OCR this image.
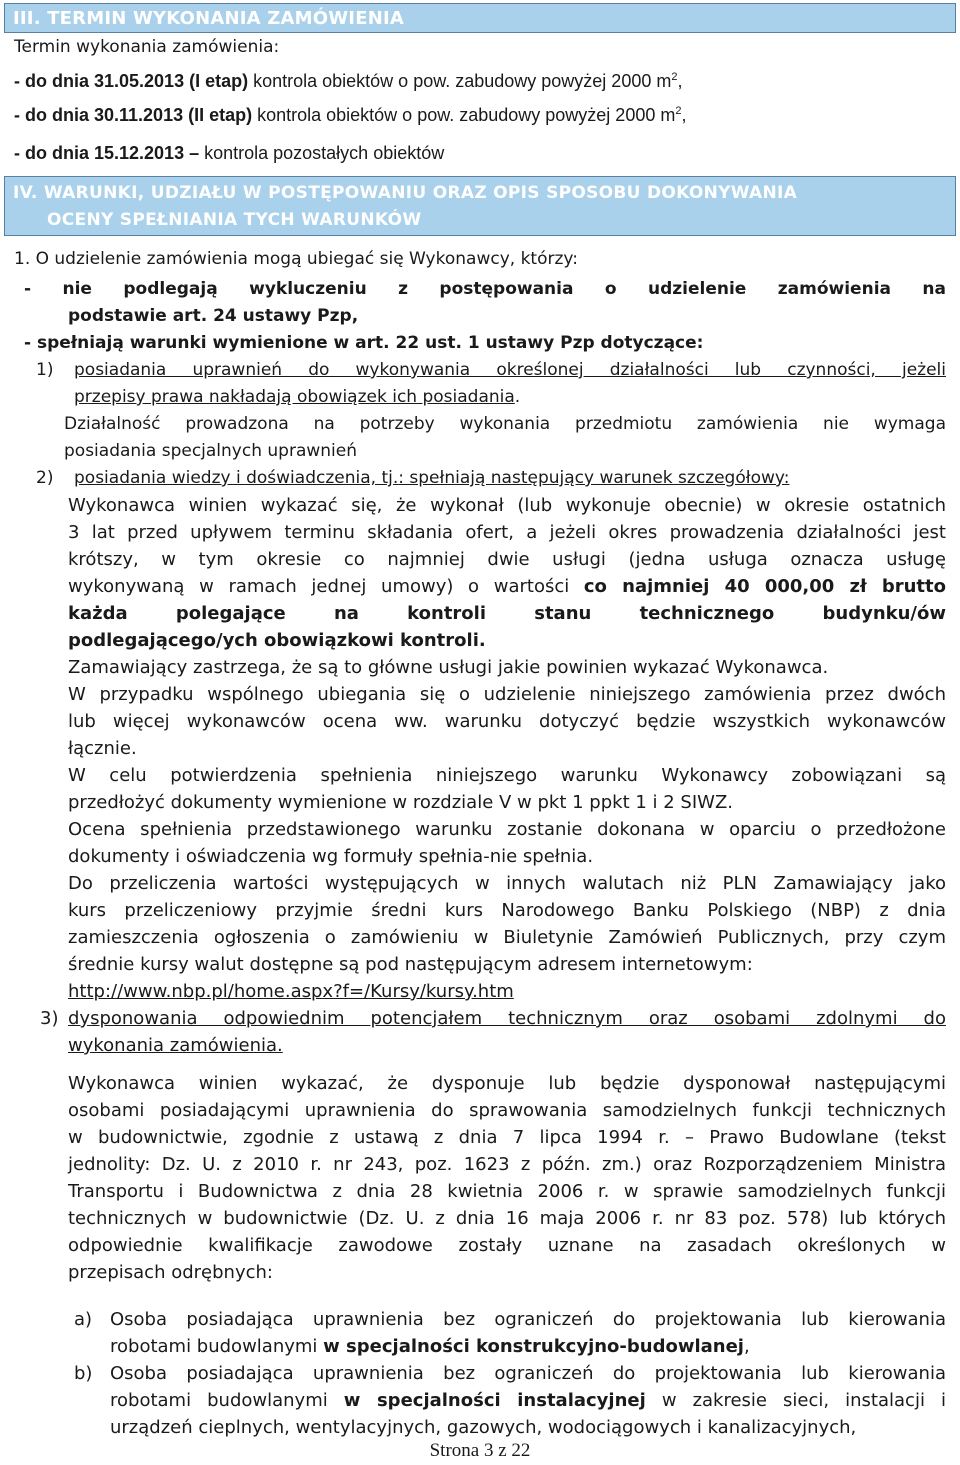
III. TERMIN WYKONANIA ZAMÓWIENIA
Termin wykonania zamówienia:
- do dnia 31.05.2013 (I etap) kontrola obiektów o pow. zabudowy powyżej 2000 $m^2$,
- do dnia 30.11.2013 (II etap) kontrola obiektów o pow. zabudowy powyżej 2000 $m^2$,
- do dnia 15.12.2013 – kontrola pozostałych obiektów
IV. WARUNKI, UDZIAŁU W POSTĘPOWANIU ORAZ OPIS SPOSOBU DOKONYWANIA
OCENY SPEŁNIANIA TYCH WARUNKÓW
1. O udzielenie zamówienia mogą ubiegać się Wykonawcy, którzy:
- nie podlegają wykluczeniu z postępowania o udzielenie zamówienia na
podstawie art. 24 ustawy Pzp,
- spełniają warunki wymienione w art. 22 ust. 1 ustawy Pzp dotyczące:
1) posiadania uprawnień do wykonywania określonej działalności lub czynności, jeżeli
przepisy prawa nakładają obowiązek ich posiadania.
Działalność prowadzona na potrzeby wykonania przedmiotu zamówienia nie wymaga
posiadania specjalnych uprawnień
2) posiadania wiedzy i doświadczenia, tj.: spełniają następujący warunek szczegółowy:
Wykonawca winien wykazać się, że wykonał (lub wykonuje obecnie) w okresie ostatnich
3 lat przed upływem terminu składania ofert, a jeżeli okres prowadzenia działalności jest
krótszy, w tym okresie co najmniej dwie usługi (jedna usługa oznacza usługę
wykonywaną w ramach jednej umowy) o wartości co najmniej 40 000,00 zł brutto
każda polegające na kontroli stanu technicznego budynku/ów
podlegającego/ych obowiązkowi kontroli.
Zamawiający zastrzega, że są to główne usługi jakie powinien wykazać Wykonawca.
W przypadku wspólnego ubiegania się o udzielenie niniejszego zamówienia przez dwóch
lub więcej wykonawców ocena ww. warunku dotyczyć będzie wszystkich wykonawców
łącznie.
W celu potwierdzenia spełnienia niniejszego warunku Wykonawcy zobowiązani są
przedłożyć dokumenty wymienione w rozdziale V w pkt 1 ppkt 1 i 2 SIWZ.
Ocena spełnienia przedstawionego warunku zostanie dokonana w oparciu o przedłożone
dokumenty i oświadczenia wg formuły spełnia-nie spełnia.
Do przeliczenia wartości występujących w innych walutach niż PLN Zamawiający jako
kurs przeliczeniowy przyjmie średni kurs Narodowego Banku Polskiego (NBP) z dnia
zamieszczenia ogłoszenia o zamówieniu w Biuletynie Zamówień Publicznych, przy czym
średnie kursy walut dostępne są pod następującym adresem internetowym:
http://www.nbp.pl/home.aspx?f=/Kursy/kursy.htm
3) dysponowania odpowiednim potencjałem technicznym oraz osobami zdolnymi do
wykonania zamówienia.
Wykonawca winien wykazać, że dysponuje lub będzie dysponował następującymi
osobami posiadającymi uprawnienia do sprawowania samodzielnych funkcji technicznych
w budownictwie, zgodnie z ustawą z dnia 7 lipca 1994 r. – Prawo Budowlane (tekst
jednolity: Dz. U. z 2010 r. nr 243, poz. 1623 z późn. zm.) oraz Rozporządzeniem Ministra
Transportu i Budownictwa z dnia 28 kwietnia 2006 r. w sprawie samodzielnych funkcji
technicznych w budownictwie (Dz. U. z dnia 16 maja 2006 r. nr 83 poz. 578) lub których
odpowiednie kwalifikacje zawodowe zostały uznane na zasadach określonych w
przepisach odrębnych:
a) Osoba posiadająca uprawnienia bez ograniczeń do projektowania lub kierowania
robotami budowlanymi w specjalności konstrukcyjno-budowlanej,
b) Osoba posiadająca uprawnienia bez ograniczeń do projektowania lub kierowania
robotami budowlanymi w specjalności instalacyjnej w zakresie sieci, instalacji i
urządzeń cieplnych, wentylacyjnych, gazowych, wodociągowych i kanalizacyjnych,
Strona 3 z 22
